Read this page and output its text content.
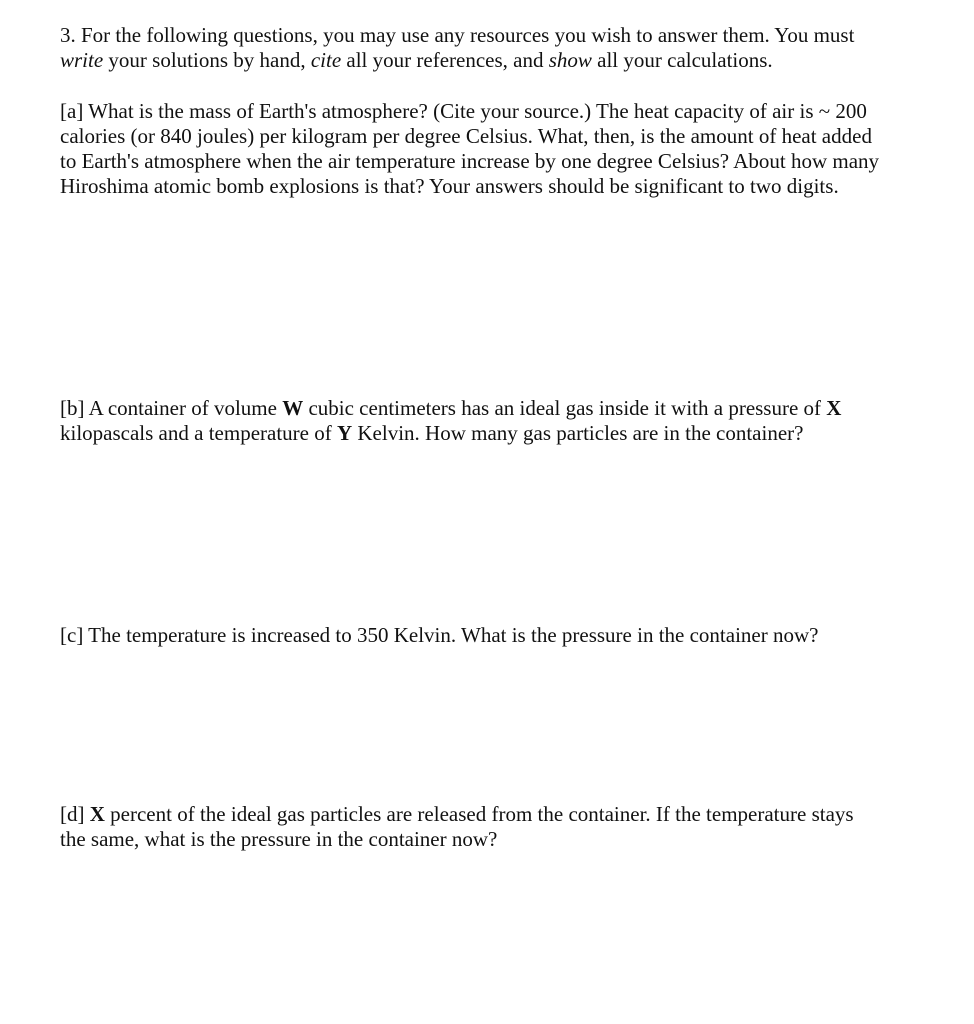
3. For the following questions, you may use any resources you wish to answer them. You must
write your solutions by hand, cite all your references, and show all your calculations.

[a] What is the mass of Earth's atmosphere? (Cite your source.) The heat capacity of air is ~ 200
calories (or 840 joules) per kilogram per degree Celsius. What, then, is the amount of heat added
to Earth's atmosphere when the air temperature increase by one degree Celsius? About how many
Hiroshima atomic bomb explosions is that? Your answers should be significant to two digits.

[b] A container of volume W cubic centimeters has an ideal gas inside it with a pressure of X
kilopascals and a temperature of Y Kelvin. How many gas particles are in the container?

[c] The temperature is increased to 350 Kelvin. What is the pressure in the container now?

[d] X percent of the ideal gas particles are released from the container. If the temperature stays
the same, what is the pressure in the container now?
